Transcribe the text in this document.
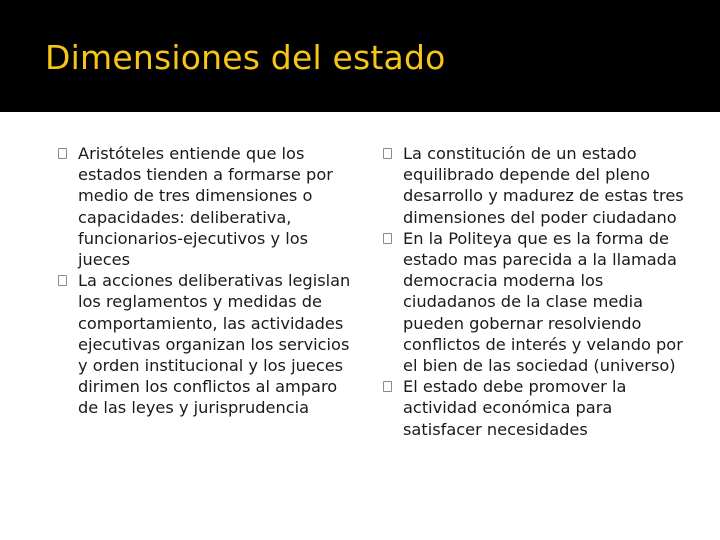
Dimensiones del estado
Aristóteles entiende que los estados tienden a formarse por medio de tres dimensiones o capacidades: deliberativa, funcionarios-ejecutivos y los jueces
La acciones deliberativas legislan los reglamentos y medidas de comportamiento, las actividades ejecutivas organizan los servicios y orden institucional y los jueces dirimen los conflictos al amparo de las leyes y jurisprudencia
La constitución de un estado equilibrado depende del pleno desarrollo y madurez de estas tres dimensiones del poder ciudadano
En la Politeya que es la forma de estado mas parecida a la llamada democracia moderna los ciudadanos de la clase media pueden gobernar resolviendo conflictos de interés y velando por el bien de las sociedad (universo)
El estado debe promover la actividad económica para satisfacer necesidades
